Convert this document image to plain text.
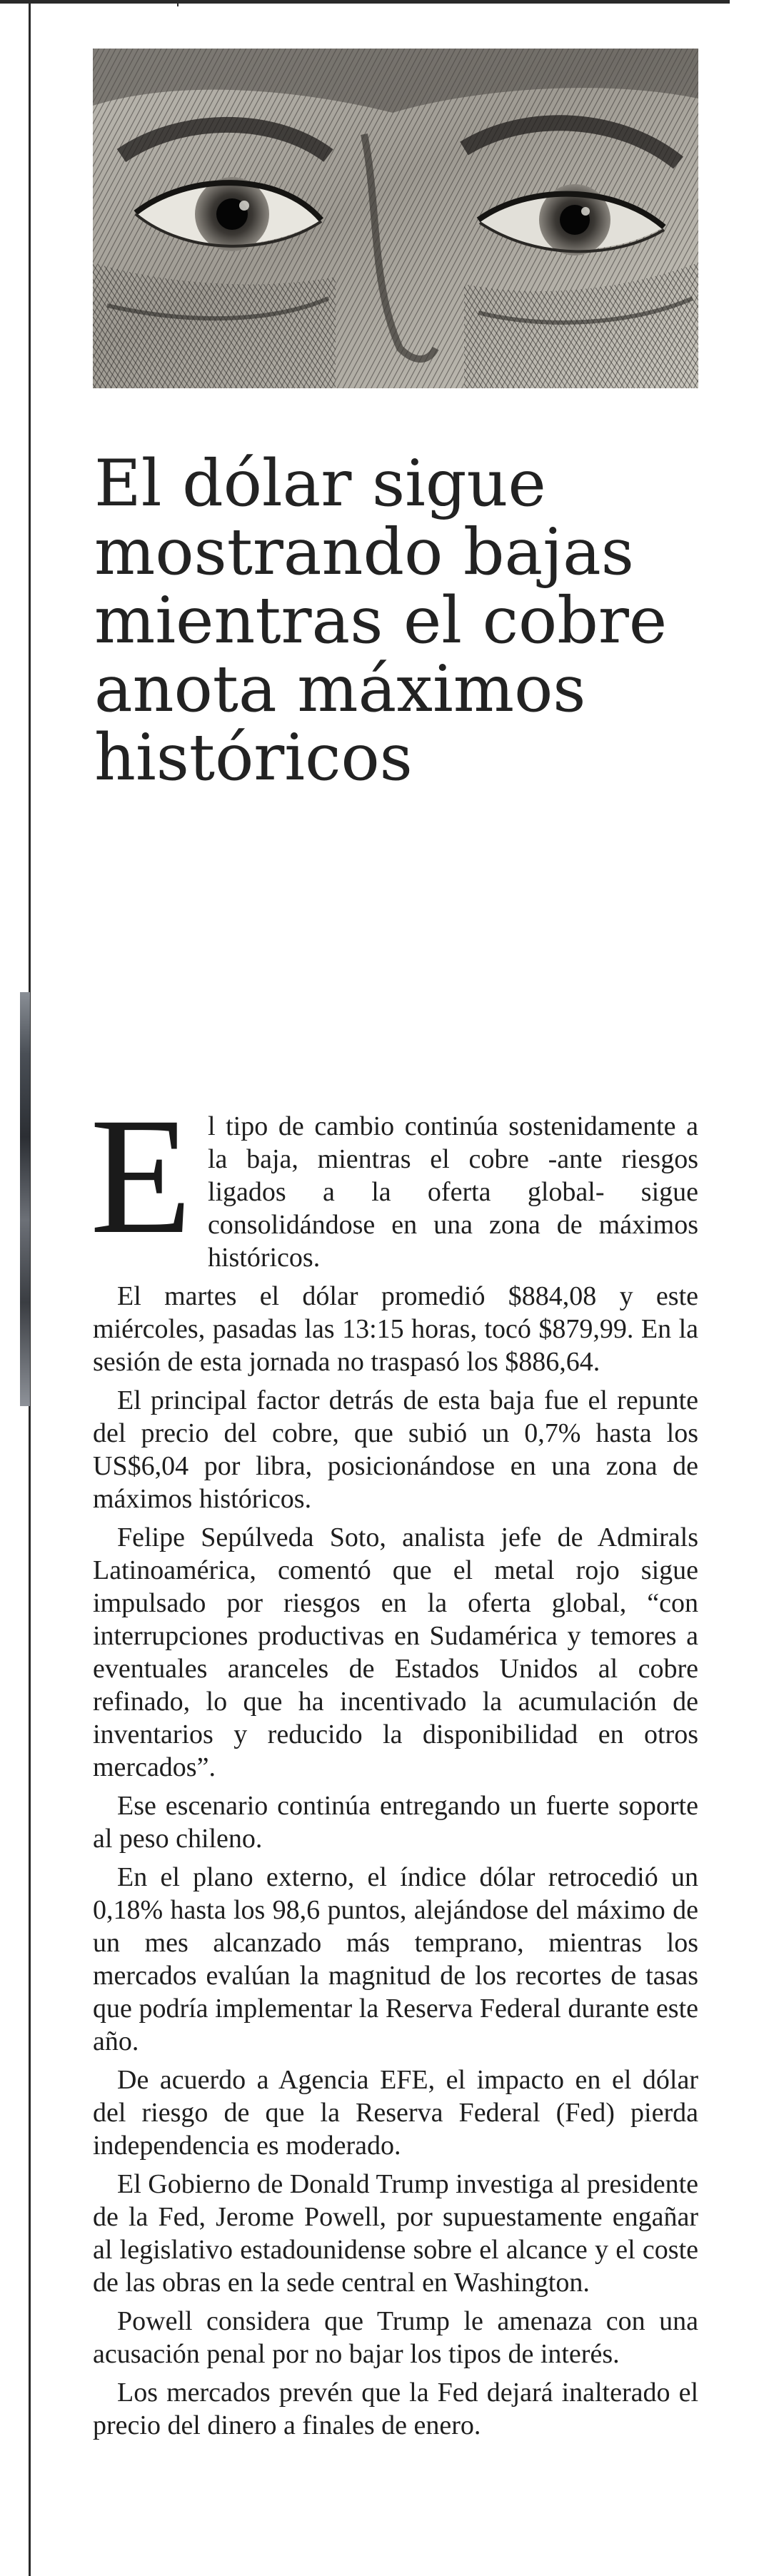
El dólar sigue mostrando bajas mientras el cobre anota máximos históricos

El tipo de cambio continúa sostenidamente a la baja, mientras el cobre -ante riesgos ligados a la oferta global- sigue consolidándose en una zona de máximos históricos.

El martes el dólar promedió $884,08 y este miércoles, pasadas las 13:15 horas, tocó $879,99. En la sesión de esta jornada no traspasó los $886,64.

El principal factor detrás de esta baja fue el repunte del precio del cobre, que subió un 0,7% hasta los US$6,04 por libra, posicionándose en una zona de máximos históricos.

Felipe Sepúlveda Soto, analista jefe de Admirals Latinoamérica, comentó que el metal rojo sigue impulsado por riesgos en la oferta global, “con interrupciones productivas en Sudamérica y temores a eventuales aranceles de Estados Unidos al cobre refinado, lo que ha incentivado la acumulación de inventarios y reducido la disponibilidad en otros mercados”.

Ese escenario continúa entregando un fuerte soporte al peso chileno.

En el plano externo, el índice dólar retrocedió un 0,18% hasta los 98,6 puntos, alejándose del máximo de un mes alcanzado más temprano, mientras los mercados evalúan la magnitud de los recortes de tasas que podría implementar la Reserva Federal durante este año.

De acuerdo a Agencia EFE, el impacto en el dólar del riesgo de que la Reserva Federal (Fed) pierda independencia es moderado.

El Gobierno de Donald Trump investiga al presidente de la Fed, Jerome Powell, por supuestamente engañar al legislativo estadounidense sobre el alcance y el coste de las obras en la sede central en Washington.

Powell considera que Trump le amenaza con una acusación penal por no bajar los tipos de interés.

Los mercados prevén que la Fed dejará inalterado el precio del dinero a finales de enero.
